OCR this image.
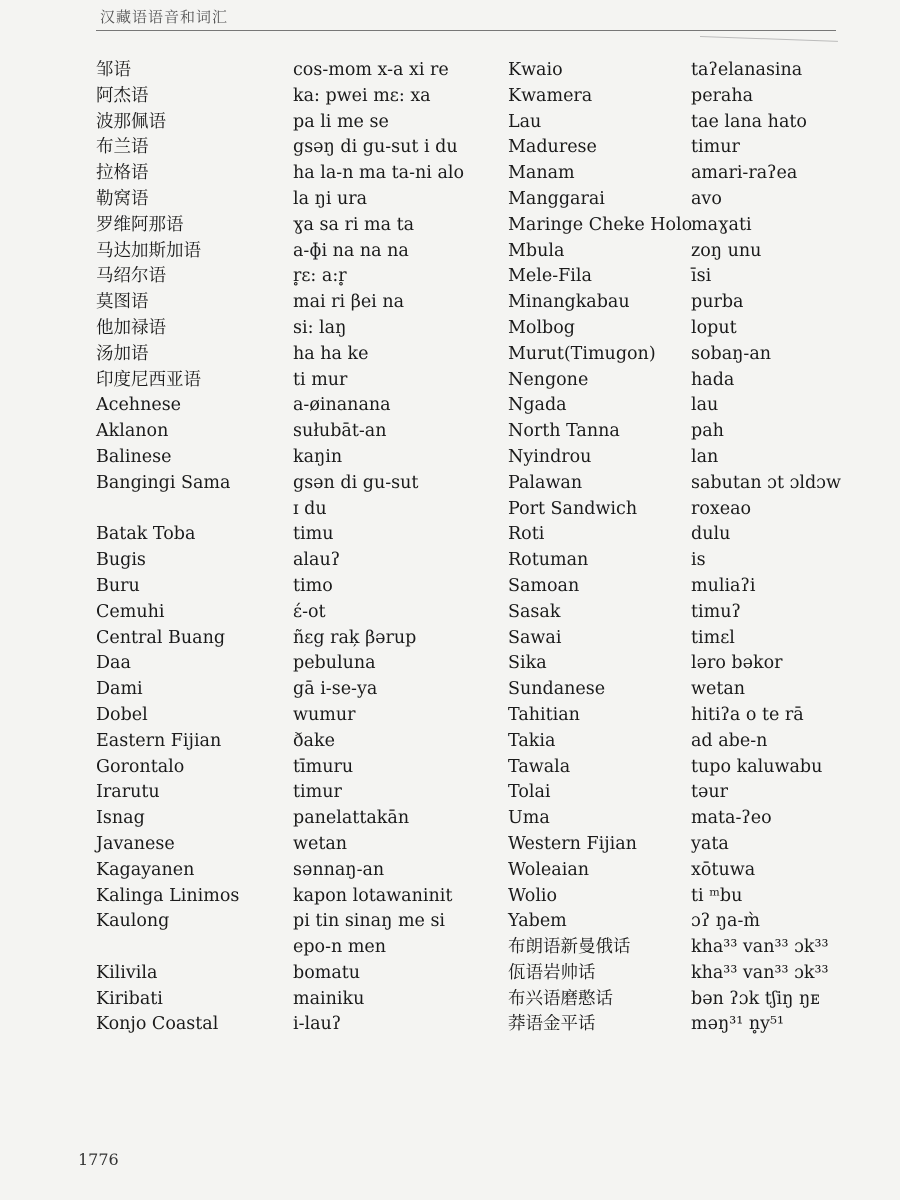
汉藏语语音和词汇
邹语
阿杰语
波那佩语
布兰语
拉格语
勒窝语
罗维阿那语
马达加斯加语
马绍尔语
莫图语
他加禄语
汤加语
印度尼西亚语
Acehnese
Aklanon
Balinese
Bangingi Sama
Batak Toba
Bugis
Buru
Cemuhi
Central Buang
Daa
Dami
Dobel
Eastern Fijian
Gorontalo
Irarutu
Isnag
Javanese
Kagayanen
Kalinga Linimos
Kaulong
Kilivila
Kiribati
Konjo Coastal
cos-mom x-a xi re
ka: pwei mɛ: xa
pa li me se
gsəŋ di gu-sut i du
ha la-n ma ta-ni alo
la ŋi ura
ɣa sa ri ma ta
a-ɸi na na na
r̥ɛ: a:r̥
mai ri βei na
si: laŋ
ha ha ke
ti mur
a-øinanana
sułubāt-an
kaŋin
gsən di gu-sut
ɪ du
timu
alauʔ
timo
έ-ot
ñɛg raķ βərup
pebuluna
gā i-se-ya
wumur
ðake
tīmuru
timur
panelattakān
wetan
sənnaŋ-an
kapon lotawaninit
pi tin sinaŋ me si
epo-n men
bomatu
mainiku
i-lauʔ
Kwaio
Kwamera
Lau
Madurese
Manam
Manggarai
Maringe Cheke Holo
Mbula
Mele-Fila
Minangkabau
Molbog
Murut(Timugon)
Nengone
Ngada
North Tanna
Nyindrou
Palawan
Port Sandwich
Roti
Rotuman
Samoan
Sasak
Sawai
Sika
Sundanese
Tahitian
Takia
Tawala
Tolai
Uma
Western Fijian
Woleaian
Wolio
Yabem
布朗语新曼俄话
佤语岩帅话
布兴语磨憨话
莽语金平话
taʔelanasina
peraha
tae lana hato
timur
amari-raʔea
avo
maɣati
zoŋ unu
īsi
purba
loput
sobaŋ-an
hada
lau
pah
lan
sabutan ɔt ɔldɔw
roxeao
dulu
is
muliaʔi
timuʔ
timɛl
ləro bəkor
wetan
hitiʔa o te rā
ad abe-n
tupo kaluwabu
təur
mata-ʔeo
yata
xōtuwa
ti ᵐbu
ɔʔ ŋa-m̀
kha³³ van³³ ɔk³³
kha³³ van³³ ɔk³³
bən ʔɔk tʃiŋ ŋᴇ
məŋ³¹ n̥y⁵¹
1776
